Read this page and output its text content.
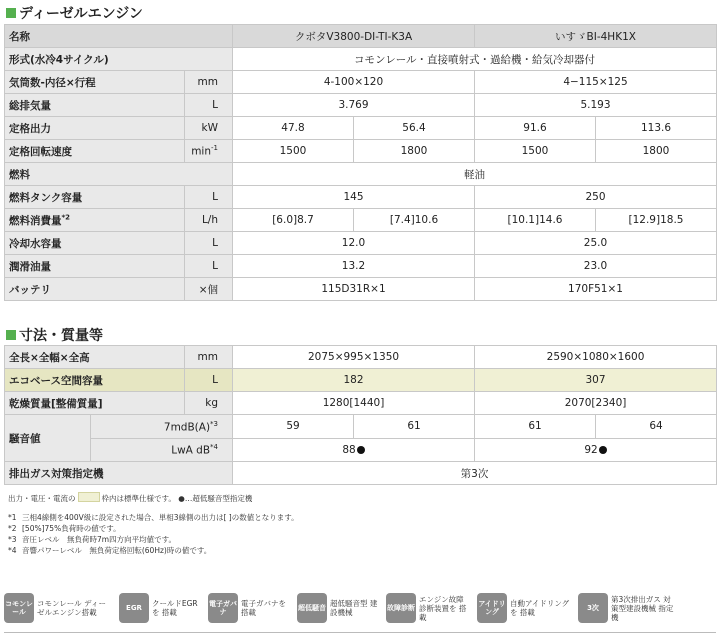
ディーゼルエンジン
名称		クボタV3800-DI-TI-K3A		いすゞBI-4HK1X	
形式(水冷4サイクル)		コモンレール・直接噴射式・過給機・給気冷却器付			
気筒数-内径×行程	mm	4-100×120		4−115×125	
総排気量	L	3.769		5.193	
定格出力	kW	47.8	56.4	91.6	113.6
定格回転速度	$\min^{-1}$	1500	1800	1500	1800
燃料		軽油			
燃料タンク容量	L	145		250	
燃料消費量$^{*2}$	L/h	[6.0]8.7	[7.4]10.6	[10.1]14.6	[12.9]18.5
冷却水容量	L	12.0		25.0	
潤滑油量	L	13.2		23.0	
バッテリ	×個	115D31R×1		170F51×1	
寸法・質量等
全長×全幅×全高		mm	2075×995×1350		2590×1080×1600	
エコベース空間容量		L	182		307	
乾燥質量[整備質量]		kg	1280[1440]		2070[2340]	
騒音値	$7mdB(A)^{*3}$		59	61	61	64
	LwA $dB^{*4}$		88		92	
排出ガス対策指定機			第3次			
出力・電圧・電流の	枠内は標準仕様です。 ●…超低騒音型指定機
*1 三相4線側を400V級に設定された場合、単相3線側の出力は[ ]の数値となります。
*2 [50%]75%負荷時の値です。
*3 音圧レベル　無負荷時7m四方向平均値です。
*4 音響パワーレベル　無負荷定格回転(60Hz)時の値です。
コモンレール
コモンレール ディーゼルエンジン搭載	EGR	クールドEGRを 搭載
電子ガバナ
電子ガバナを 搭載	超低騒音 超低騒音型 建設機械	故障診断
エンジン故障 診断装置を 搭載
アイドリング
自動アイドリングを 搭載	3次
第3次排出ガス 対策型建設機械 指定機
